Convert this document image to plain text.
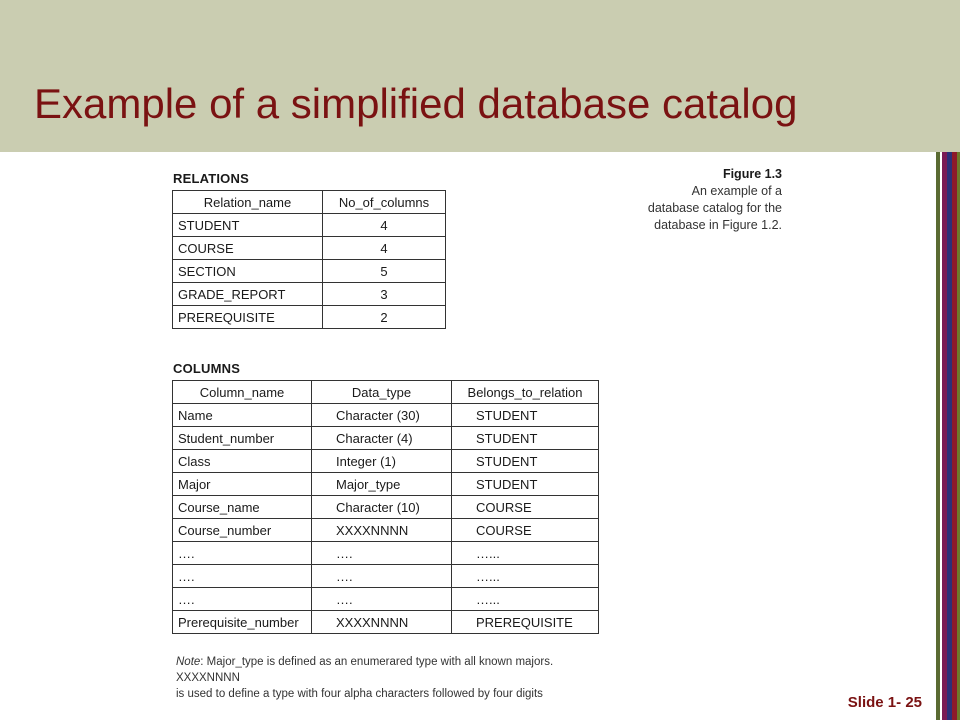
Example of a simplified database catalog
RELATIONS
Relation_name	No_of_columns
STUDENT	4
COURSE	4
SECTION	5
GRADE_REPORT	3
PREREQUISITE	2
Figure 1.3
An example of a
database catalog for the
database in Figure 1.2.
COLUMNS
Column_name	Data_type	Belongs_to_relation
Name	Character (30)	STUDENT
Student_number	Character (4)	STUDENT
Class	Integer (1)	STUDENT
Major	Major_type	STUDENT
Course_name	Character (10)	COURSE
Course_number	XXXXNNNN	COURSE
….	….	…...
….	….	…...
….	….	…...
Prerequisite_number	XXXXNNNN	PREREQUISITE
Note: Major_type is defined as an enumerared type with all known majors. XXXXNNNN
is used to define a type with four alpha characters followed by four digits	Slide 1- 25
